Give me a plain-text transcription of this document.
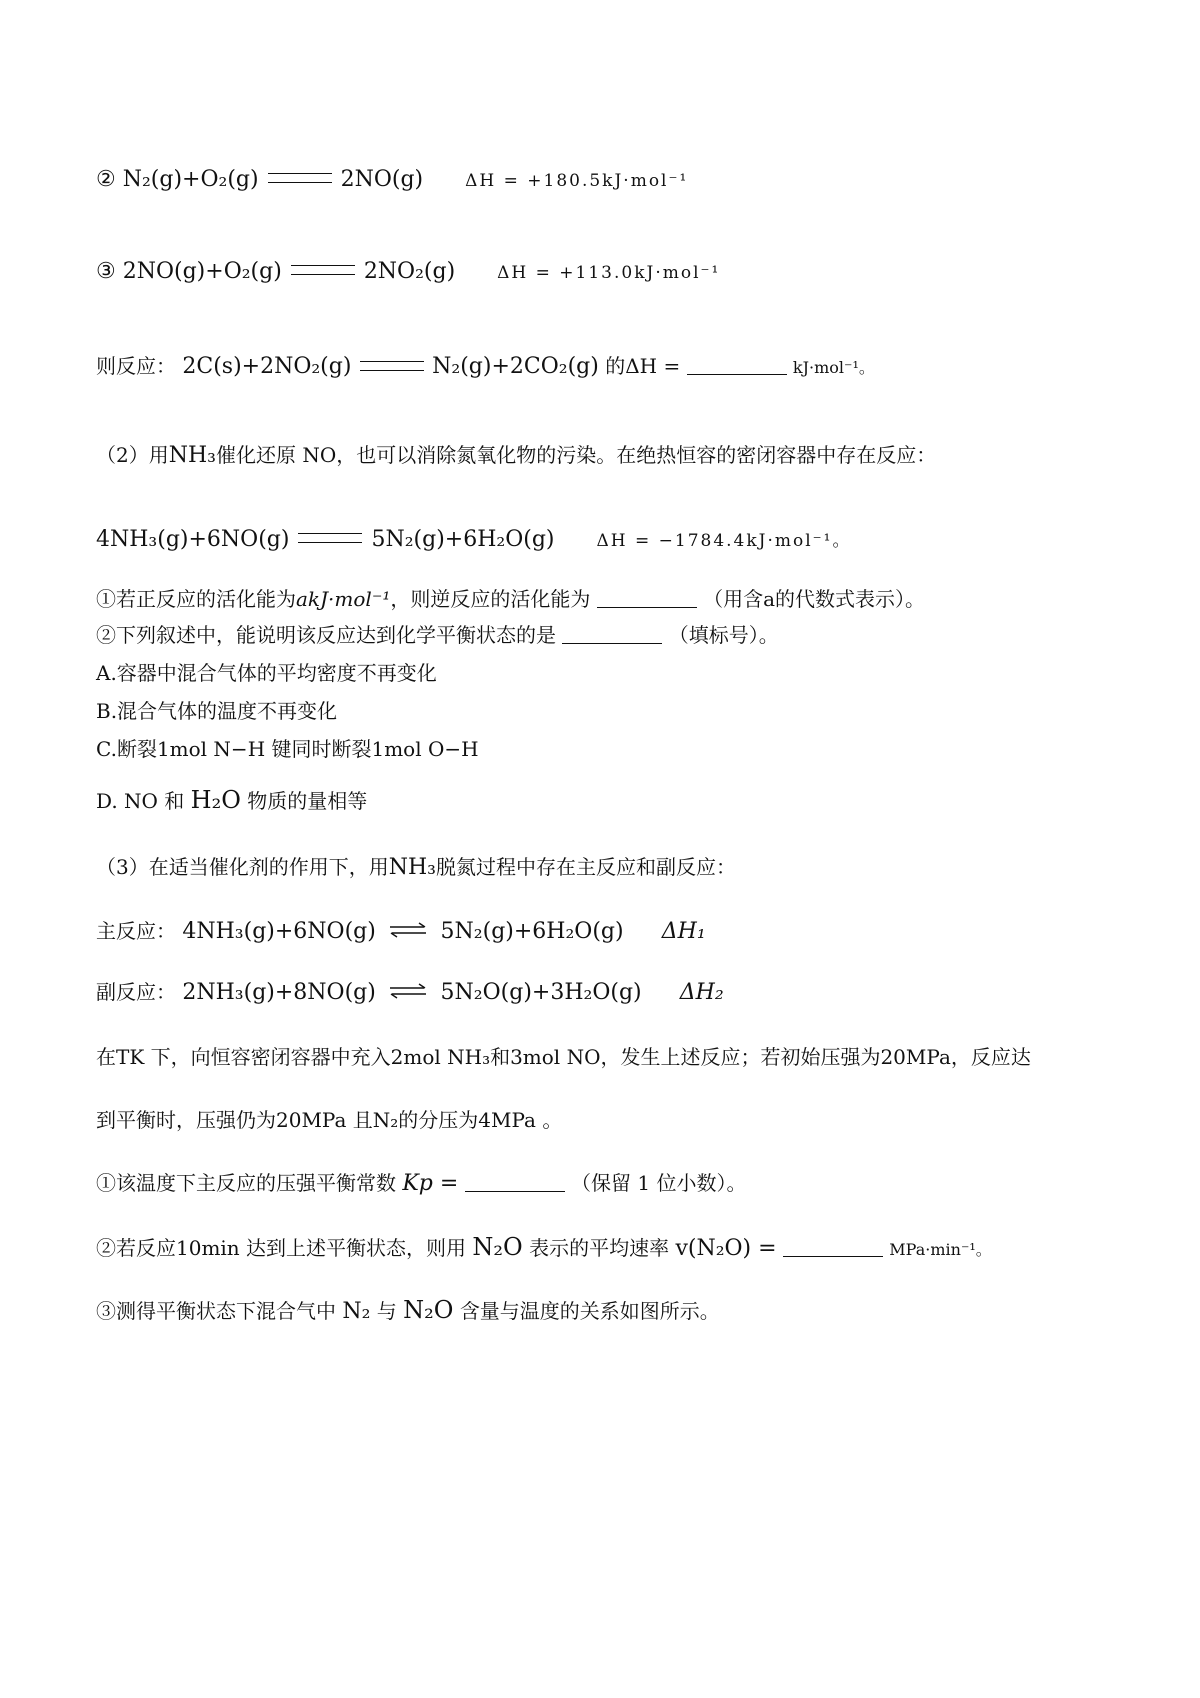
② N₂(g)+O₂(g)	2NO(g) ΔH = +180.5kJ·mol⁻¹
③ 2NO(g)+O₂(g)	2NO₂(g) ΔH = +113.0kJ·mol⁻¹
则反应： 2C(s)+2NO₂(g)	N₂(g)+2CO₂(g) 的ΔH =	kJ·mol⁻¹。
（2）用NH₃催化还原 NO，也可以消除氮氧化物的污染。在绝热恒容的密闭容器中存在反应：
4NH₃(g)+6NO(g)	5N₂(g)+6H₂O(g) ΔH = −1784.4kJ·mol⁻¹。
①若正反应的活化能为akJ·mol⁻¹，则逆反应的活化能为	（用含a的代数式表示）。
②下列叙述中，能说明该反应达到化学平衡状态的是	（填标号）。
A.容器中混合气体的平均密度不再变化
B.混合气体的温度不再变化
C.断裂1mol N−H 键同时断裂1mol O−H
D. NO 和 H₂O 物质的量相等
（3）在适当催化剂的作用下，用NH₃脱氮过程中存在主反应和副反应：
主反应： 4NH₃(g)+6NO(g) ⇌ 5N₂(g)+6H₂O(g) ΔH₁
副反应： 2NH₃(g)+8NO(g) ⇌ 5N₂O(g)+3H₂O(g) ΔH₂
在TK 下，向恒容密闭容器中充入2mol NH₃和3mol NO，发生上述反应；若初始压强为20MPa，反应达
到平衡时，压强仍为20MPa 且N₂的分压为4MPa 。
①该温度下主反应的压强平衡常数 Kp =	（保留 1 位小数）。
②若反应10min 达到上述平衡状态，则用 N₂O 表示的平均速率 v(N₂O) =	MPa·min⁻¹。
③测得平衡状态下混合气中 N₂ 与 N₂O 含量与温度的关系如图所示。
